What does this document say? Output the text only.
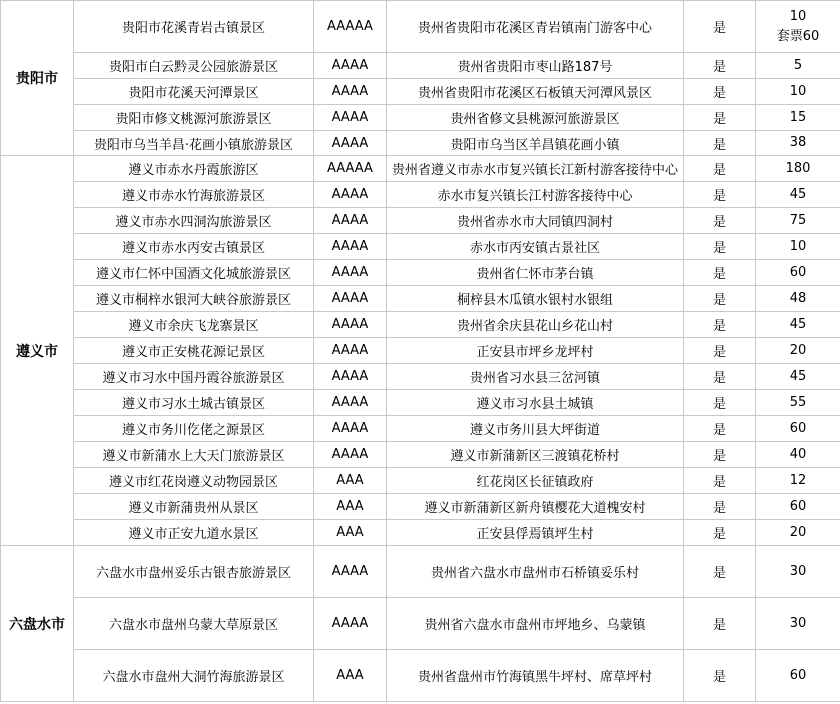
贵阳市	贵阳市花溪青岩古镇景区	AAAAA	贵州省贵阳市花溪区青岩镇南门游客中心	是	10
套票60

	贵阳市白云黔灵公园旅游景区	AAAA	贵州省贵阳市枣山路187号	是	5

	贵阳市花溪天河潭景区	AAAA	贵州省贵阳市花溪区石板镇天河潭风景区	是	10

	贵阳市修文桃源河旅游景区	AAAA	贵州省修文县桃源河旅游景区	是	15

	贵阳市乌当羊昌·花画小镇旅游景区	AAAA	贵阳市乌当区羊昌镇花画小镇	是	38

遵义市	遵义市赤水丹霞旅游区	AAAAA	贵州省遵义市赤水市复兴镇长江新村游客接待中心	是	180

	遵义市赤水竹海旅游景区	AAAA	赤水市复兴镇长江村游客接待中心	是	45

	遵义市赤水四洞沟旅游景区	AAAA	贵州省赤水市大同镇四洞村	是	75

	遵义市赤水丙安古镇景区	AAAA	赤水市丙安镇古景社区	是	10

	遵义市仁怀中国酒文化城旅游景区	AAAA	贵州省仁怀市茅台镇	是	60

	遵义市桐梓水银河大峡谷旅游景区	AAAA	桐梓县木瓜镇水银村水银组	是	48

	遵义市余庆飞龙寨景区	AAAA	贵州省余庆县花山乡花山村	是	45

	遵义市正安桃花源记景区	AAAA	正安县市坪乡龙坪村	是	20

	遵义市习水中国丹霞谷旅游景区	AAAA	贵州省习水县三岔河镇	是	45

	遵义市习水土城古镇景区	AAAA	遵义市习水县土城镇	是	55

	遵义市务川仡佬之源景区	AAAA	遵义市务川县大坪街道	是	60

	遵义市新蒲水上大天门旅游景区	AAAA	遵义市新蒲新区三渡镇花桥村	是	40

	遵义市红花岗遵义动物园景区	AAA	红花岗区长征镇政府	是	12

	遵义市新蒲贵州从景区	AAA	遵义市新蒲新区新舟镇樱花大道槐安村	是	60

	遵义市正安九道水景区	AAA	正安县俘焉镇坪生村	是	20

六盘水市	六盘水市盘州妥乐古银杏旅游景区	AAAA	贵州省六盘水市盘州市石桥镇妥乐村	是	30

	六盘水市盘州乌蒙大草原景区	AAAA	贵州省六盘水市盘州市坪地乡、乌蒙镇	是	30

	六盘水市盘州大洞竹海旅游景区	AAA	贵州省盘州市竹海镇黑牛坪村、席草坪村	是	60
